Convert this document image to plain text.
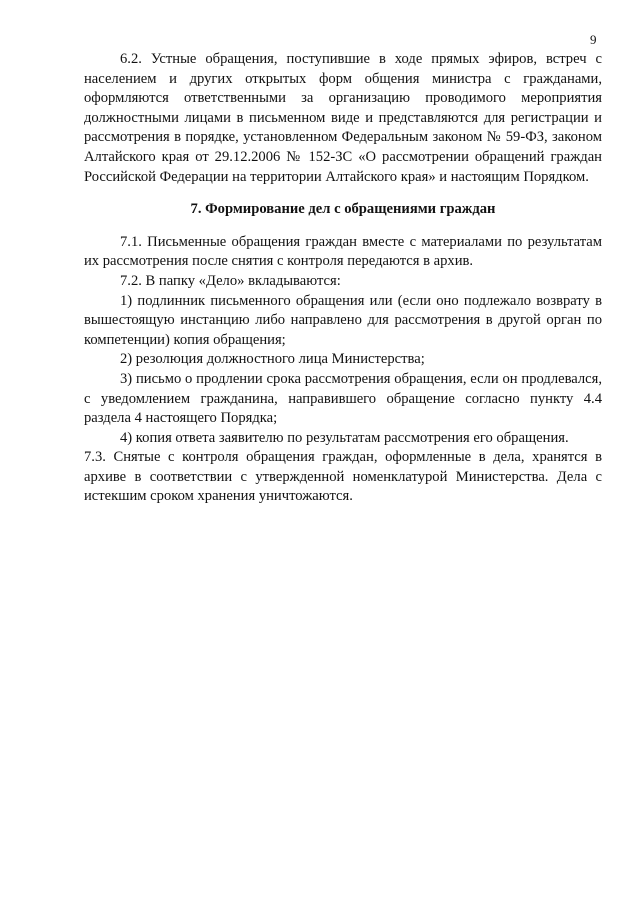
9

6.2. Устные обращения, поступившие в ходе прямых эфиров, встреч с населением и других открытых форм общения министра с гражданами, оформляются ответственными за организацию проводимого мероприятия должностными лицами в письменном виде и представляются для регистрации и рассмотрения в порядке, установленном Федеральным законом № 59-ФЗ, законом Алтайского края от 29.12.2006 № 152-ЗС «О рассмотрении обращений граждан Российской Федерации на территории Алтайского края» и настоящим Порядком.

7. Формирование дел с обращениями граждан

7.1. Письменные обращения граждан вместе с материалами по результатам их рассмотрения после снятия с контроля передаются в архив.

7.2. В папку «Дело» вкладываются:

1) подлинник письменного обращения или (если оно подлежало возврату в вышестоящую инстанцию либо направлено для рассмотрения в другой орган по компетенции) копия обращения;

2) резолюция должностного лица Министерства;

3) письмо о продлении срока рассмотрения обращения, если он продлевался, с уведомлением гражданина, направившего обращение согласно пункту 4.4 раздела 4 настоящего Порядка;

4) копия ответа заявителю по результатам рассмотрения его обращения.

7.3. Снятые с контроля обращения граждан, оформленные в дела, хранятся в архиве в соответствии с утвержденной номенклатурой Министерства. Дела с истекшим сроком хранения уничтожаются.
